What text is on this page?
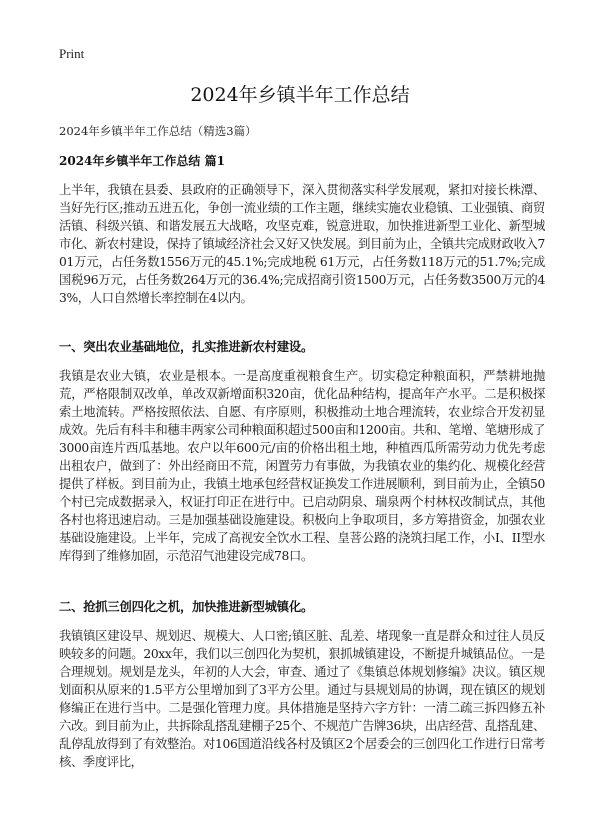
Print
2024年乡镇半年工作总结
2024年乡镇半年工作总结（精选3篇）
2024年乡镇半年工作总结 篇1

上半年，我镇在县委、县政府的正确领导下，深入贯彻落实科学发展观，紧扣对接长株潭、当好先行区;推动五进五化，争创一流业绩的工作主题，继续实施农业稳镇、工业强镇、商贸活镇、科级兴镇、和谐发展五大战略，攻坚克难，锐意进取，加快推进新型工业化、新型城市化、新农村建设，保持了镇域经济社会又好又快发展。到目前为止，全镇共完成财政收入701万元，占任务数1556万元的45.1%;完成地税 61万元，占任务数118万元的51.7%;完成国税96万元，占任务数264万元的36.4%;完成招商引资1500万元，占任务数3500万元的43%，人口自然增长率控制在4以内。

一、突出农业基础地位，扎实推进新农村建设。

我镇是农业大镇，农业是根本。一是高度重视粮食生产。切实稳定种粮面积，严禁耕地抛荒，严格限制双改单，单改双新增面积320亩，优化品种结构，提高年产水平。二是积极探索土地流转。严格按照依法、自愿、有序原则，积极推动土地合理流转，农业综合开发初显成效。先后有科丰和穗丰两家公司种粮面积超过500亩和1200亩。共和、笔增、笔塘形成了3000亩连片西瓜基地。农户以年600元/亩的价格出租土地，种植西瓜所需劳动力优先考虑出租农户，做到了：外出经商田不荒，闲置劳力有事做，为我镇农业的集约化、规模化经营提供了样板。到目前为止，我镇土地承包经营权证换发工作进展顺利，到目前为止，全镇50个村已完成数据录入，权证打印正在进行中。已启动阴泉、瑞泉两个村林权改制试点，其他各村也将迅速启动。三是加强基础设施建设。积极向上争取项目，多方筹措资金，加强农业基础设施建设。上半年，完成了高视安全饮水工程、皇菩公路的浇筑扫尾工作，小I、II型水库得到了维修加固，示范沼气池建设完成78口。

二、抢抓三创四化之机，加快推进新型城镇化。

我镇镇区建设早、规划迟、规模大、人口密;镇区脏、乱差、堵现象一直是群众和过往人员反映较多的问题。20xx年，我们以三创四化为契机，狠抓城镇建设，不断提升城镇品位。一是合理规划。规划是龙头，年初的人大会，审查、通过了《集镇总体规划修编》决议。镇区规划面积从原来的1.5平方公里增加到了3平方公里。通过与县规划局的协调，现在镇区的规划修编正在进行当中。二是强化管理力度。具体措施是坚持六字方针：一清二疏三拆四修五补六改。到目前为止，共拆除乱搭乱建棚子25个、不规范广告牌36块，出店经营、乱搭乱建、乱停乱放得到了有效整治。对106国道沿线各村及镇区2个居委会的三创四化工作进行日常考核、季度评比，
